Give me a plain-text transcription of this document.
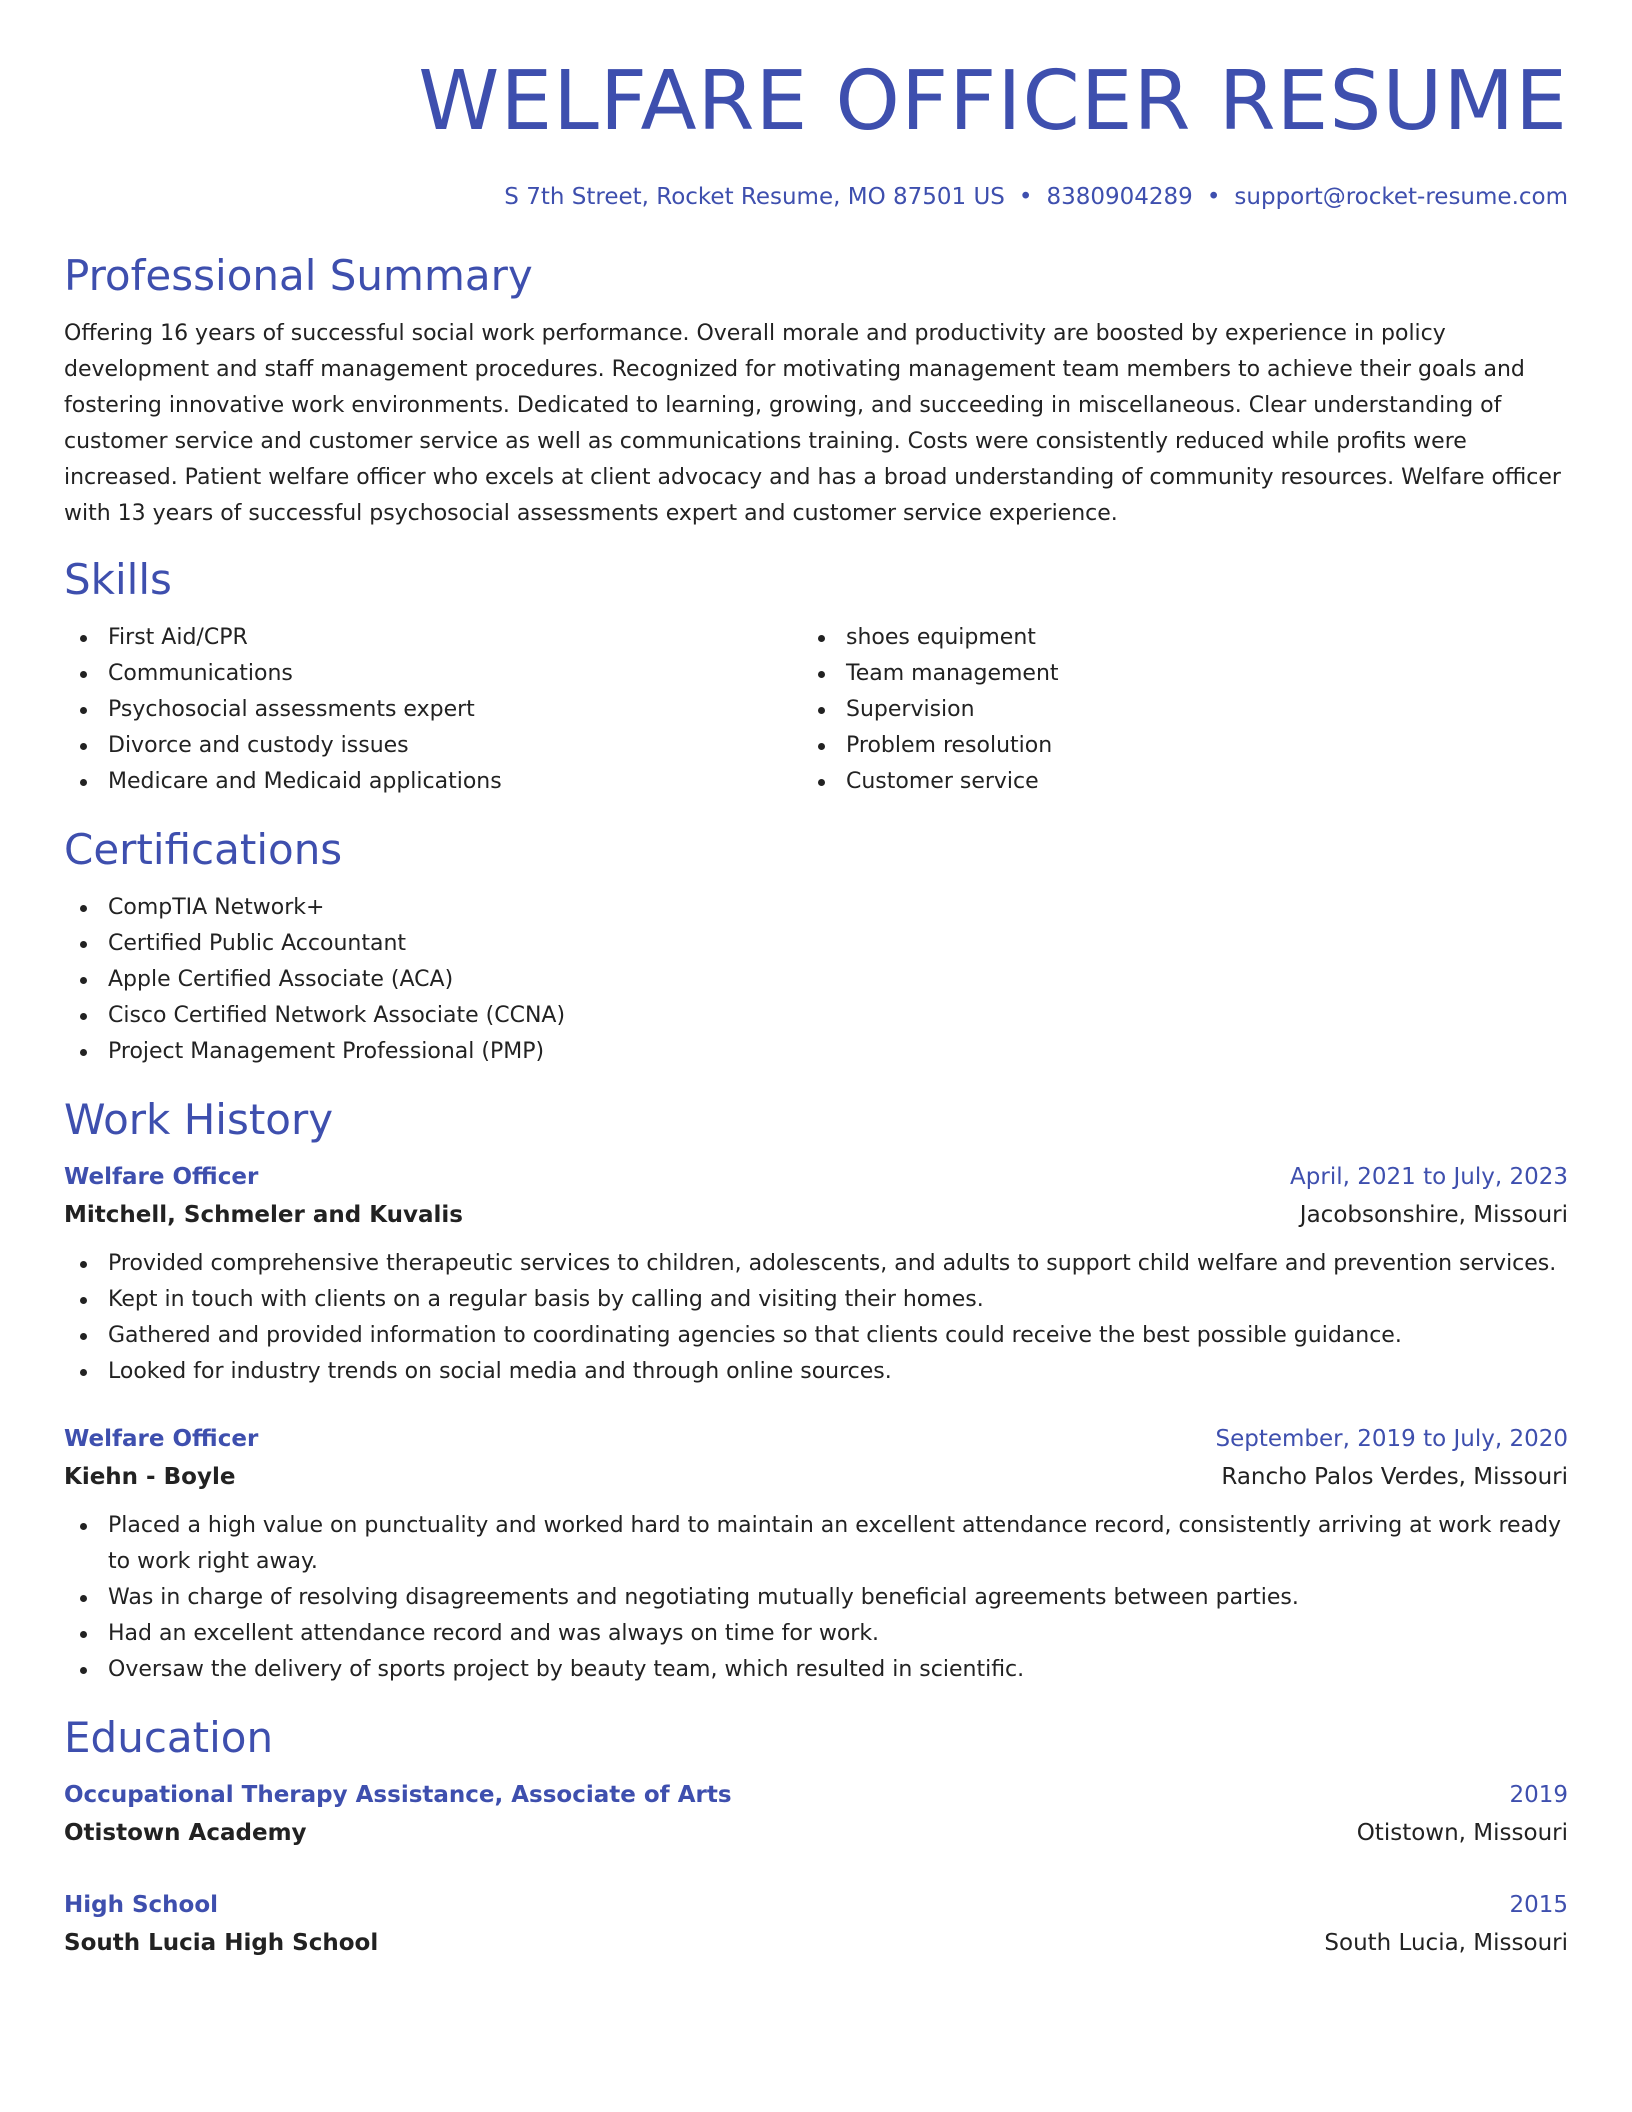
WELFARE OFFICER RESUME
S 7th Street, Rocket Resume, MO 87501 US • 8380904289 • support@rocket-resume.com
Professional Summary

Offering 16 years of successful social work performance. Overall morale and productivity are boosted by experience in policy development and staff management procedures. Recognized for motivating management team members to achieve their goals and fostering innovative work environments. Dedicated to learning, growing, and succeeding in miscellaneous. Clear understanding of customer service and customer service as well as communications training. Costs were consistently reduced while profits were increased. Patient welfare officer who excels at client advocacy and has a broad understanding of community resources. Welfare officer with 13 years of successful psychosocial assessments expert and customer service experience.

Skills
First Aid/CPR
Communications
Psychosocial assessments expert
Divorce and custody issues
Medicare and Medicaid applications
shoes equipment
Team management
Supervision
Problem resolution
Customer service
Certifications
CompTIA Network+
Certified Public Accountant
Apple Certified Associate (ACA)
Cisco Certified Network Associate (CCNA)
Project Management Professional (PMP)
Work History
Welfare Officer	April, 2021 to July, 2023
Mitchell, Schmeler and Kuvalis	Jacobsonshire, Missouri
Provided comprehensive therapeutic services to children, adolescents, and adults to support child welfare and prevention services.
Kept in touch with clients on a regular basis by calling and visiting their homes.
Gathered and provided information to coordinating agencies so that clients could receive the best possible guidance.
Looked for industry trends on social media and through online sources.
Welfare Officer	September, 2019 to July, 2020
Kiehn - Boyle	Rancho Palos Verdes, Missouri
Placed a high value on punctuality and worked hard to maintain an excellent attendance record, consistently arriving at work ready to work right away.
Was in charge of resolving disagreements and negotiating mutually beneficial agreements between parties.
Had an excellent attendance record and was always on time for work.
Oversaw the delivery of sports project by beauty team, which resulted in scientific.
Education
Occupational Therapy Assistance, Associate of Arts	2019
Otistown Academy	Otistown, Missouri
High School	2015
South Lucia High School	South Lucia, Missouri
